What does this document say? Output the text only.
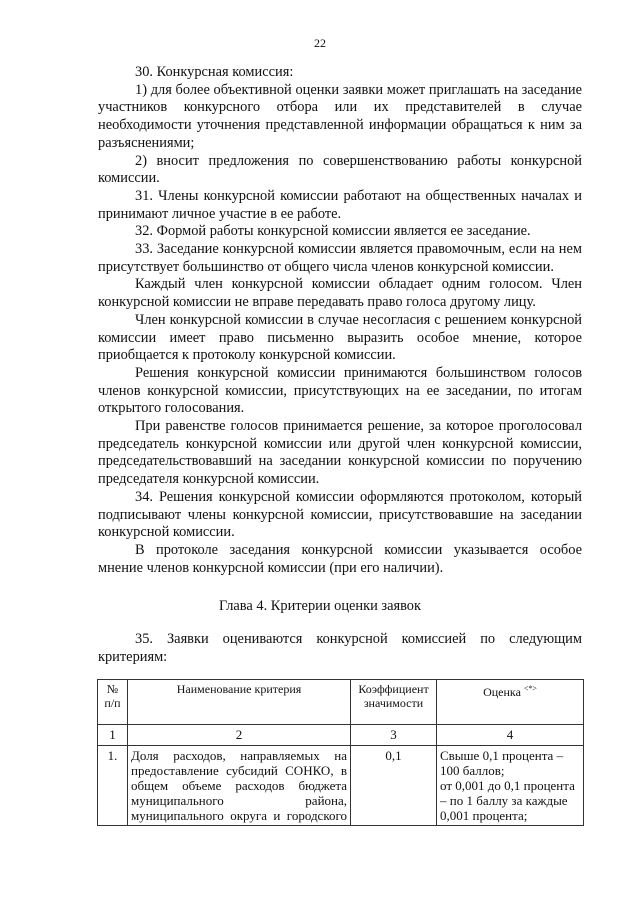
22

30. Конкурсная комиссия:

1) для более объективной оценки заявки может приглашать на заседание участников конкурсного отбора или их представителей в случае необходимости уточнения представленной информации обращаться к ним за разъяснениями;

2) вносит предложения по совершенствованию работы конкурсной комиссии.

31. Члены конкурсной комиссии работают на общественных началах и принимают личное участие в ее работе.

32. Формой работы конкурсной комиссии является ее заседание.

33. Заседание конкурсной комиссии является правомочным, если на нем присутствует большинство от общего числа членов конкурсной комиссии.

Каждый член конкурсной комиссии обладает одним голосом. Член конкурсной комиссии не вправе передавать право голоса другому лицу.

Член конкурсной комиссии в случае несогласия с решением конкурсной комиссии имеет право письменно выразить особое мнение, которое приобщается к протоколу конкурсной комиссии.

Решения конкурсной комиссии принимаются большинством голосов членов конкурсной комиссии, присутствующих на ее заседании, по итогам открытого голосования.

При равенстве голосов принимается решение, за которое проголосовал председатель конкурсной комиссии или другой член конкурсной комиссии, председательствовавший на заседании конкурсной комиссии по поручению председателя конкурсной комиссии.

34. Решения конкурсной комиссии оформляются протоколом, который подписывают члены конкурсной комиссии, присутствовавшие на заседании конкурсной комиссии.

В протоколе заседания конкурсной комиссии указывается особое мнение членов конкурсной комиссии (при его наличии).

Глава 4. Критерии оценки заявок

35. Заявки оцениваются конкурсной комиссией по следующим критериям:

№ п/п	Наименование критерия	Коэффициент значимости	Оценка <*>
1	2	3	4
1.	Доля расходов, направляемых на предоставление субсидий СОНКО, в общем объеме расходов бюджета муниципального района, муниципального округа и городского	0,1	Свыше 0,1 процента – 100 баллов;
от 0,001 до 0,1 процента – по 1 баллу за каждые 0,001 процента;
